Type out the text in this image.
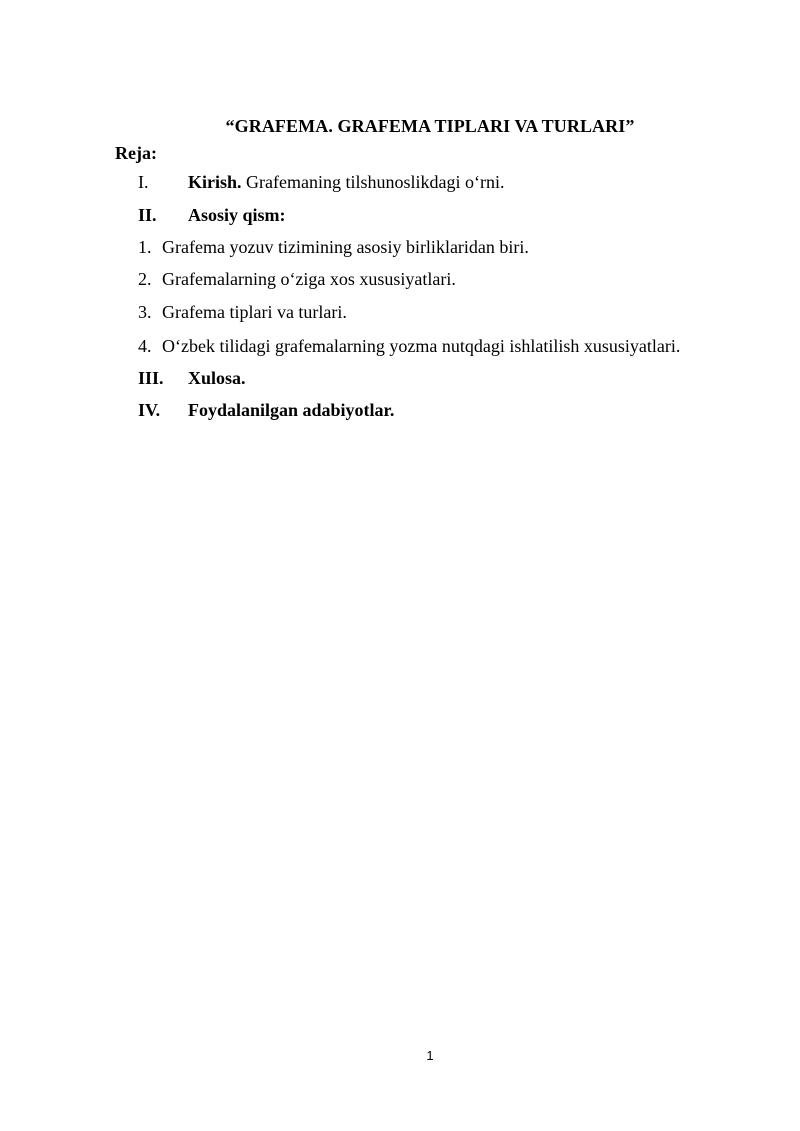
“GRAFEMA. GRAFEMA TIPLARI VA TURLARI”
Reja:
I. Kirish. Grafemaning tilshunoslikdagi o‘rni.
II. Asosiy qism:
1. Grafema yozuv tizimining asosiy birliklaridan biri.
2. Grafemalarning o‘ziga xos xususiyatlari.
3. Grafema tiplari va turlari.
4. O‘zbek tilidagi grafemalarning yozma nutqdagi ishlatilish xususiyatlari.
III. Xulosa.
IV. Foydalanilgan adabiyotlar.
1
